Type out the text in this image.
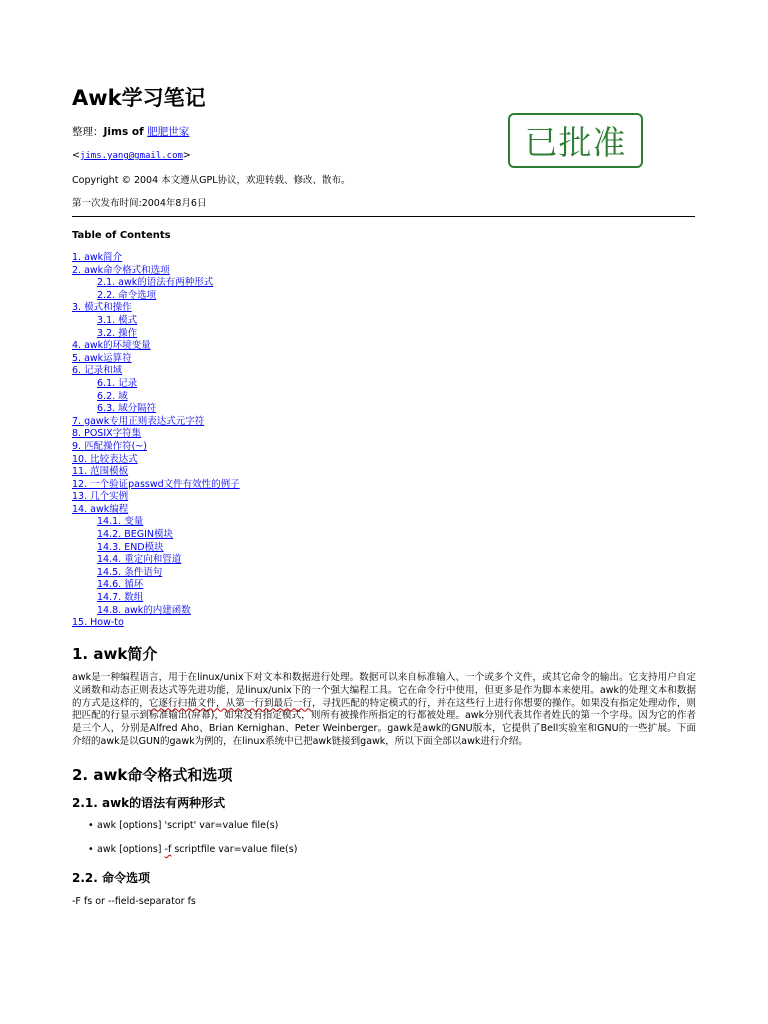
Awk学习笔记
整理：Jims of 肥肥世家
<jims.yang@gmail.com>
Copyright © 2004 本文遵从GPL协议，欢迎转载、修改、散布。
第一次发布时间:2004年8月6日
Table of Contents
1. awk简介
2. awk命令格式和选项
2.1. awk的语法有两种形式
2.2. 命令选项
3. 模式和操作
3.1. 模式
3.2. 操作
4. awk的环境变量
5. awk运算符
6. 记录和域
6.1. 记录
6.2. 域
6.3. 域分隔符
7. gawk专用正则表达式元字符
8. POSIX字符集
9. 匹配操作符(~)
10. 比较表达式
11. 范围模板
12. 一个验证passwd文件有效性的例子
13. 几个实例
14. awk编程
14.1. 变量
14.2. BEGIN模块
14.3. END模块
14.4. 重定向和管道
14.5. 条件语句
14.6. 循环
14.7. 数组
14.8. awk的内建函数
15. How-to
1. awk简介

awk是一种编程语言，用于在linux/unix下对文本和数据进行处理。数据可以来自标准输入、一个或多个文件，或其它命令的输出。它支持用户自定义函数和动态正则表达式等先进功能，是linux/unix下的一个强大编程工具。它在命令行中使用，但更多是作为脚本来使用。awk的处理文本和数据的方式是这样的，它逐行扫描文件，从第一行到最后一行，寻找匹配的特定模式的行，并在这些行上进行你想要的操作。如果没有指定处理动作，则把匹配的行显示到标准输出(屏幕)，如果没有指定模式，则所有被操作所指定的行都被处理。awk分别代表其作者姓氏的第一个字母。因为它的作者是三个人，分别是Alfred Aho、Brian Kernighan、Peter Weinberger。gawk是awk的GNU版本，它提供了Bell实验室和GNU的一些扩展。下面介绍的awk是以GUN的gawk为例的，在linux系统中已把awk链接到gawk，所以下面全部以awk进行介绍。

2. awk命令格式和选项
2.1. awk的语法有两种形式
• awk [options] 'script' var=value file(s)
• awk [options] -f scriptfile var=value file(s)
2.2. 命令选项
-F fs or --field-separator fs
已批准
